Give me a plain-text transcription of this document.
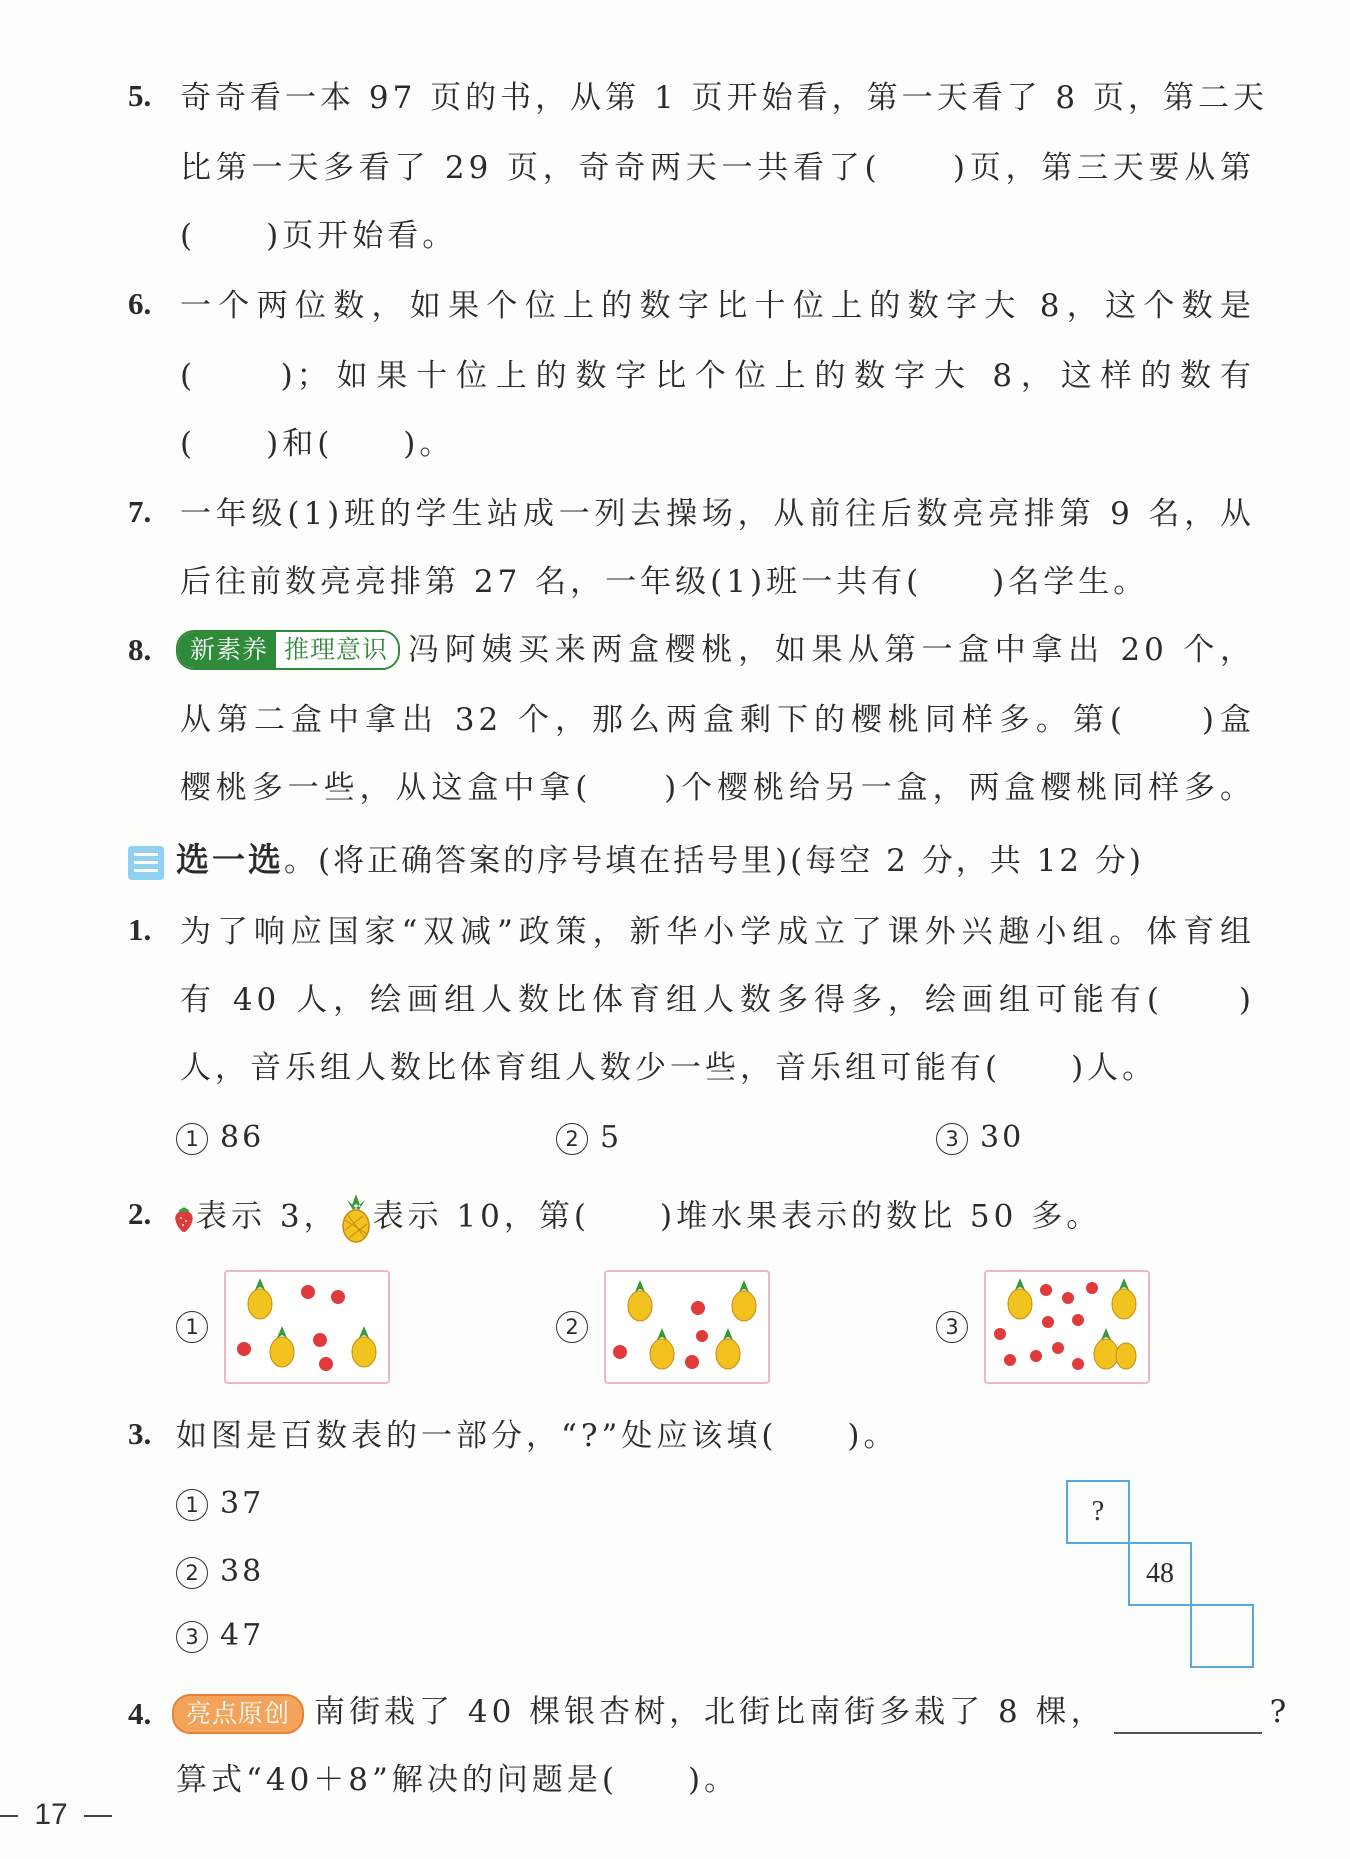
5. 奇奇看一本 97 页的书，从第 1 页开始看，第一天看了 8 页，第二天
比第一天多看了 29 页，奇奇两天一共看了(　　)页，第三天要从第
(　　)页开始看。
6. 一个两位数，如果个位上的数字比十位上的数字大 8，这个数是
(　　)；如果十位上的数字比个位上的数字大 8，这样的数有
(　　)和(　　)。
7. 一年级(1)班的学生站成一列去操场，从前往后数亮亮排第 9 名，从
后往前数亮亮排第 27 名，一年级(1)班一共有(　　)名学生。
8.	新素养 推理意识 冯阿姨买来两盒樱桃，如果从第一盒中拿出 20 个，
从第二盒中拿出 32 个，那么两盒剩下的樱桃同样多。第(　　)盒
樱桃多一些，从这盒中拿(　　)个樱桃给另一盒，两盒樱桃同样多。
选一选。(将正确答案的序号填在括号里)(每空 2 分，共 12 分)
1. 为了响应国家“双减”政策，新华小学成立了课外兴趣小组。体育组
有 40 人，绘画组人数比体育组人数多得多，绘画组可能有(　　)
人，音乐组人数比体育组人数少一些，音乐组可能有(　　)人。
1 86	2 5	3 30
2.	表示 3， 表示 10，第(　　)堆水果表示的数比 50 多。
1	2	3
3. 如图是百数表的一部分，“?”处应该填(　　)。
1 37
2 38
3 47
?
48
4.	亮点原创 南街栽了 40 棵银杏树，北街比南街多栽了 8 棵，	?
算式“40＋8”解决的问题是(　　)。
17
